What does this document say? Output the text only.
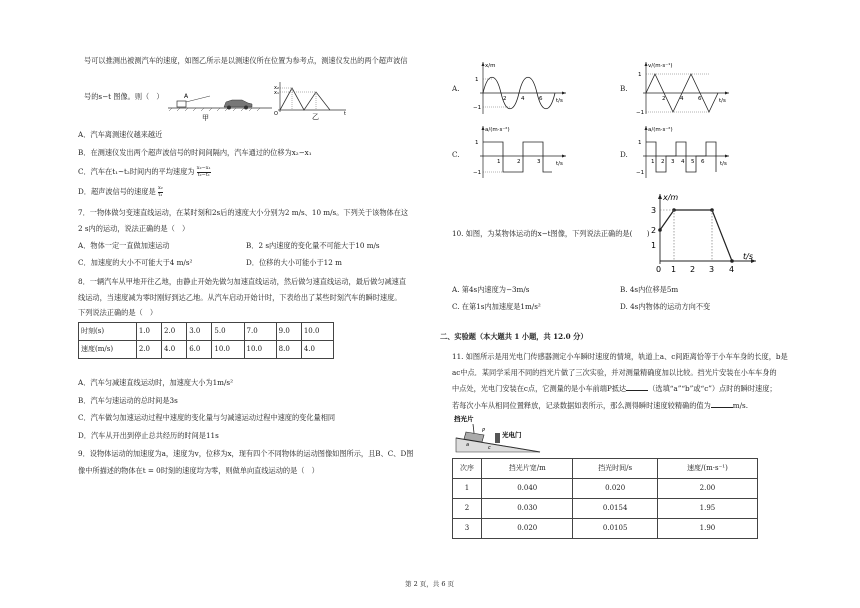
号可以推测出被测汽车的速度，如图乙所示是以测速仪所在位置为参考点，测速仪发出的两个超声波信
号的s−t 图像。则（　）	A
甲	O
x₂
x₁
t
乙
A．汽车离测速仪越来越近
B．在测速仪发出两个超声波信号的时间间隔内，汽车通过的位移为x₂−x₁
C．汽车在t₁~t₂时间内的平均速度为 $\frac{\text{x₂−x₁}}{\text{t₂−t₁}}$
D．超声波信号的速度是 $\frac{\text{x₂}}{\text{t₁}}$
7．一物体做匀变速直线运动，在某时刻和2s后的速度大小分别为2 m/s、10 m/s。下列关于该物体在这
2 s内的运动，说法正确的是（　）
A．物体一定一直做加速运动	B．2 s内速度的变化量不可能大于10 m/s
C．加速度的大小不可能大于4 m/s²	D．位移的大小可能小于12 m
8．一辆汽车从甲地开往乙地，由静止开始先做匀加速直线运动，然后做匀速直线运动，最后做匀减速直
线运动，当速度减为零时刚好到达乙地。从汽车启动开始计时，下表给出了某些时刻汽车的瞬时速度。
下列说法正确的是（　）
时刻(s)	1.0	2.0	3.0	5.0	7.0	9.0	10.0
速度(m/s)	2.0	4.0	6.0	10.0	10.0	8.0	4.0
A．汽车匀减速直线运动时，加速度大小为1m/s²
B．汽车匀速运动的总时间是3s
C．汽车做匀加速运动过程中速度的变化量与匀减速运动过程中速度的变化量相同
D．汽车从开出到停止总共经历的时间是11s
9．设物体运动的加速度为a，速度为v，位移为x，现有四个不同物体的运动图像如图所示，且B、C、D图
像中所描述的物体在t = 0时刻的速度均为零，则做单向直线运动的是（　）
A.	B.
C.	D.
x/m
t/s
1
−1
2	4	6
v/(m·s⁻¹)
t/s
1
−1
2	4	6
a/(m·s⁻²)
t/s
1
−1
1	2	3
a/(m·s⁻²)
t/s
1
−1
1 2 3 4 5 6
x/m
t/s
1
2
3
0 1 2 3 4
10. 如图，为某物体运动的x−t图像，下列说法正确的是(　　)
A. 第4s内速度为−3m/s	B. 4s内位移是5m
C. 在第1s内加速度是1m/s²	D. 4s内物体的运动方向不变
二、实验题（本大题共 1 小题，共 12.0 分）
11. 如图所示是用光电门传感器测定小车瞬时速度的情境，轨道上a、c间距离恰等于小车车身的长度，b是
ac中点．某同学采用不同的挡光片做了三次实验，并对测量精确度加以比较。挡光片安装在小车车身的
中点处，光电门安装在c点，它测量的是小车前端P抵达	（选填“a”“b”或“c”）点时的瞬时速度；
若每次小车从相同位置释放，记录数据如表所示，那么测得瞬时速度较精确的值为	m/s.
挡光片
光电门
P
a	c
次序	挡光片宽/m	挡光时间/s	速度/(m·s⁻¹)
1	0.040	0.020	2.00
2	0.030	0.0154	1.95
3	0.020	0.0105	1.90
第 2 页，共 6 页
